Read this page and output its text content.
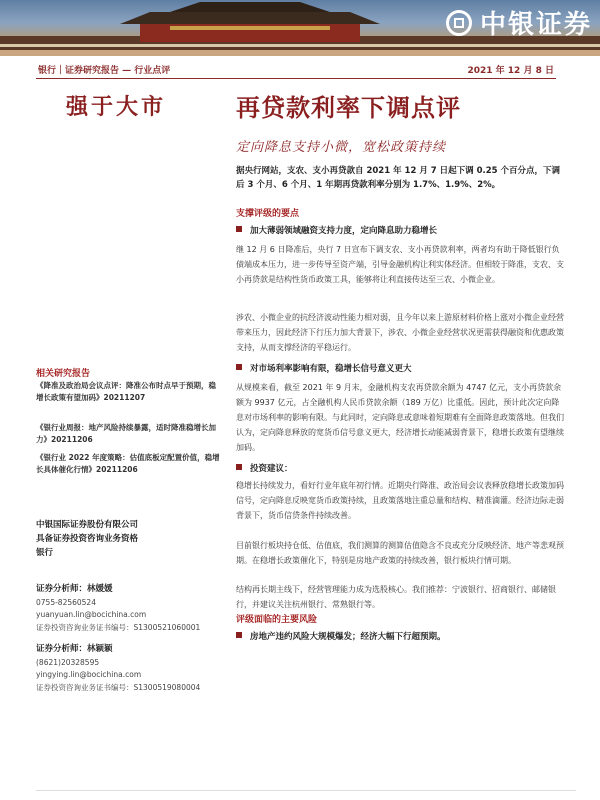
中银证券
银行｜证券研究报告 — 行业点评	2021 年 12 月 8 日
强于大市	再贷款利率下调点评
定向降息支持小微，宽松政策持续
据央行网站，支农、支小再贷款自 2021 年 12 月 7 日起下调 0.25 个百分点，下调后 3 个月、6 个月、1 年期再贷款利率分别为 1.7%、1.9%、2%。
支撑评级的要点
加大薄弱领域融资支持力度，定向降息助力稳增长
继 12 月 6 日降准后，央行 7 日宣布下调支农、支小再贷款利率，两者均有助于降低银行负债端成本压力，进一步传导至资产端，引导金融机构让利实体经济。但相较于降准，支农、支小再贷款是结构性货币政策工具，能够将让利直接传达至三农、小微企业。
涉农、小微企业的抗经济波动性能力相对弱，且今年以来上游原材料价格上涨对小微企业经营带来压力，因此经济下行压力加大背景下，涉农、小微企业经营状况更需获得融资和优惠政策支持，从而支撑经济的平稳运行。
对市场利率影响有限，稳增长信号意义更大
从规模来看，截至 2021 年 9 月末，金融机构支农再贷款余额为 4747 亿元，支小再贷款余额为 9937 亿元，占全融机构人民币贷款余额（189 万亿）比重低。因此，预计此次定向降息对市场利率的影响有限。与此同时，定向降息或意味着短期难有全面降息政策落地。但我们认为，定向降息释放的宽货币信号意义更大，经济增长动能减弱背景下，稳增长政策有望继续加码。
投资建议：
稳增长持续发力，看好行业年底年初行情。近期央行降准、政治局会议表释放稳增长政策加码信号，定向降息反映宽货币政策持续，且政策落地注重总量和结构、精准滴灌。经济边际走弱背景下，货币信贷条件持续改善。
目前银行板块持仓低、估值底，我们测算的测算估值隐含不良或充分反映经济、地产等悲观预期。在稳增长政策催化下，特别是房地产政策的持续改善，银行板块行情可期。
结构再长期主线下，经营管理能力成为选股核心。我们推荐：宁波银行、招商银行、邮储银行，并建议关注杭州银行、常熟银行等。
评级面临的主要风险
房地产违约风险大规模爆发；经济大幅下行超预期。
相关研究报告
《降准及政治局会议点评：降准公布时点早于预期，稳增长政策有望加码》20211207
《银行业周报：地产风险持续暴露，适时降准稳增长加力》20211206
《银行业 2022 年度策略：估值底板定配置价值，稳增长具体催化行情》20211206
中银国际证券股份有限公司
具备证券投资咨询业务资格
银行
证券分析师：林媛媛
0755-82560524
yuanyuan.lin@bocichina.com
证券投资咨询业务证书编号：S1300521060001
证券分析师：林颖颖
(8621)20328595
yingying.lin@bocichina.com
证券投资咨询业务证书编号：S1300519080004
